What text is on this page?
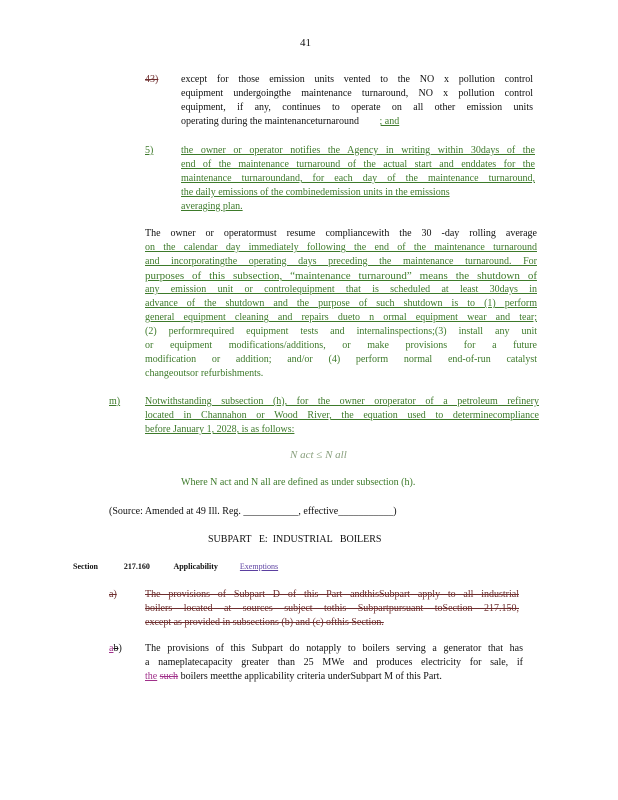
41
43) except for those emission units vented to the NO x pollution control
equipment undergoingthe maintenance turnaround, NO x pollution control
equipment, if any, continues to operate on all other emission units
operating during the maintenanceturnaround ; and
5)	the owner or operator notifies the Agency in writing within 30days of the
end of the maintenance turnaround of the actual start and enddates for the
maintenance turnaroundand, for each day of the maintenance turnaround,
the daily emissions of the combinedemission units in the emissions
averaging plan.
The owner or operatormust resume compliancewith the 30 -day rolling average
on the calendar day immediately following the end of the maintenance turnaround
and incorporatingthe operating days preceding the maintenance turnaround. For
purposes of this subsection, “maintenance turnaround” means the shutdown of
any emission unit or controlequipment that is scheduled at least 30days in
advance of the shutdown and the purpose of such shutdown is to (1) perform
general equipment cleaning and repairs dueto n ormal equipment wear and tear;
(2) performrequired equipment tests and internalinspections;(3) install any unit
or equipment modifications/additions, or make provisions for a future
modification or addition; and/or (4) perform normal end-of-run catalyst
changeoutsor refurbishments.
m) Notwithstanding subsection (h), for the owner oroperator of a petroleum refinery
located in Channahon or Wood River, the equation used to determinecompliance
before January 1, 2028, is as follows:
N act ≤ N all
Where N act and N all are defined as under subsection (h).
(Source: Amended at 49 Ill. Reg. ___________, effective___________)
SUBPART   E:  INDUSTRIAL   BOILERS
Section	217.160	Applicability	Exemptions
a)	The provisions of Subpart D of this Part andthisSubpart apply to all industrial
boilers located at sources subject tothis Subpartpursuant toSection 217.150,
except as provided in subsections (b) and (c) ofthis Section.
ab) The provisions of this Subpart do notapply to boilers serving a generator that has
a nameplatecapacity greater than 25 MWe and produces electricity for sale, if
the such boilers meetthe applicability criteria underSubpart M of this Part.
